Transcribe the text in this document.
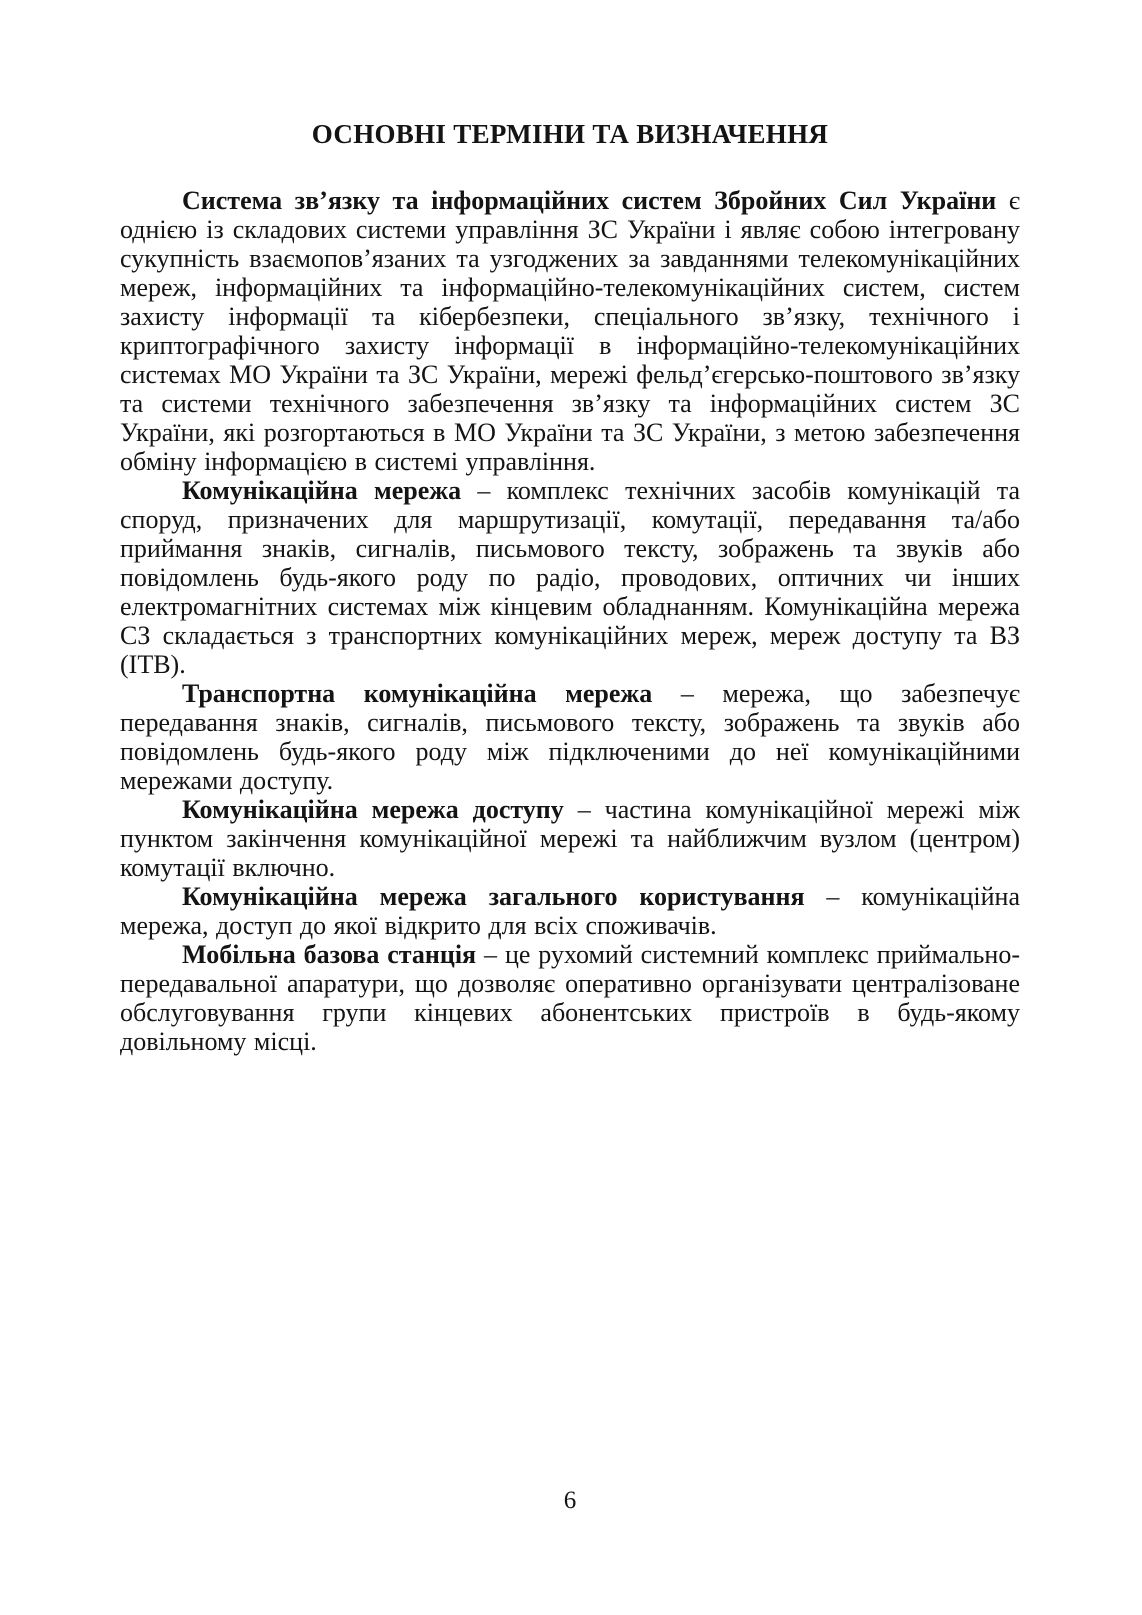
ОСНОВНІ ТЕРМІНИ ТА ВИЗНАЧЕННЯ

Система зв’язку та інформаційних систем Збройних Сил України є однією із складових системи управління ЗС України і являє собою інтегровану сукупність взаємопов’язаних та узгоджених за завданнями телекомунікаційних мереж, інформаційних та інформаційно-телекомунікаційних систем, систем захисту інформації та кібербезпеки, спеціального зв’язку, технічного і криптографічного захисту інформації в інформаційно-телекомунікаційних системах МО України та ЗС України, мережі фельд’єгерсько-поштового зв’язку та системи технічного забезпечення зв’язку та інформаційних систем ЗС України, які розгортаються в МО України та ЗС України, з метою забезпечення обміну інформацією в системі управління.

Комунікаційна мережа – комплекс технічних засобів комунікацій та споруд, призначених для маршрутизації, комутації, передавання та/або приймання знаків, сигналів, письмового тексту, зображень та звуків або повідомлень будь-якого роду по радіо, проводових, оптичних чи інших електромагнітних системах між кінцевим обладнанням. Комунікаційна мережа СЗ складається з транспортних комунікаційних мереж, мереж доступу та ВЗ (ІТВ).

Транспортна комунікаційна мережа – мережа, що забезпечує передавання знаків, сигналів, письмового тексту, зображень та звуків або повідомлень будь-якого роду між підключеними до неї комунікаційними мережами доступу.

Комунікаційна мережа доступу – частина комунікаційної мережі між пунктом закінчення комунікаційної мережі та найближчим вузлом (центром) комутації включно.

Комунікаційна мережа загального користування – комунікаційна мережа, доступ до якої відкрито для всіх споживачів.

Мобільна базова станція – це рухомий системний комплекс приймально-передавальної апаратури, що дозволяє оперативно організувати централізоване обслуговування групи кінцевих абонентських пристроїв в будь-якому довільному місці.

6
